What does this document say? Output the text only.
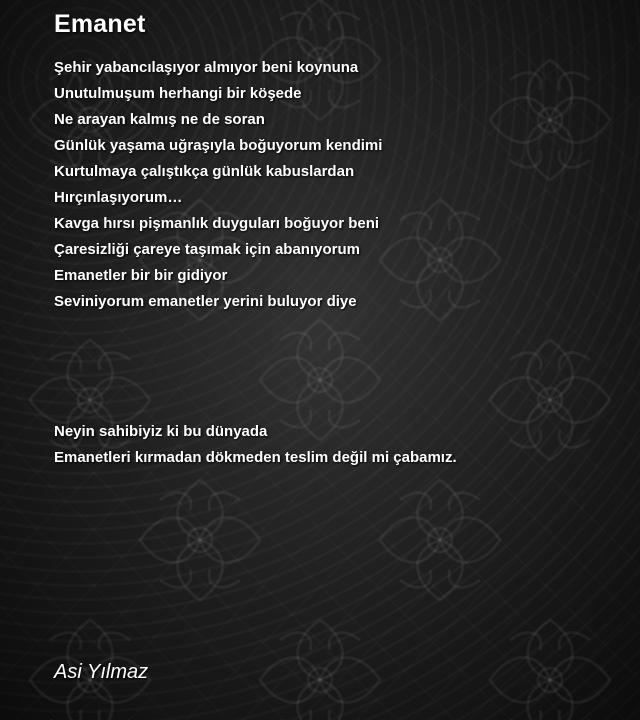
Emanet
Şehir yabancılaşıyor almıyor beni koynuna
Unutulmuşum herhangi bir köşede
Ne arayan kalmış ne de soran
Günlük yaşama uğraşıyla boğuyorum kendimi
Kurtulmaya çalıştıkça günlük kabuslardan
Hırçınlaşıyorum…
Kavga hırsı pişmanlık duyguları boğuyor beni
Çaresizliği çareye taşımak için abanıyorum
Emanetler bir bir gidiyor
Seviniyorum emanetler yerini buluyor diye
Neyin sahibiyiz ki bu dünyada
Emanetleri kırmadan dökmeden teslim değil mi çabamız.
Asi Yılmaz
